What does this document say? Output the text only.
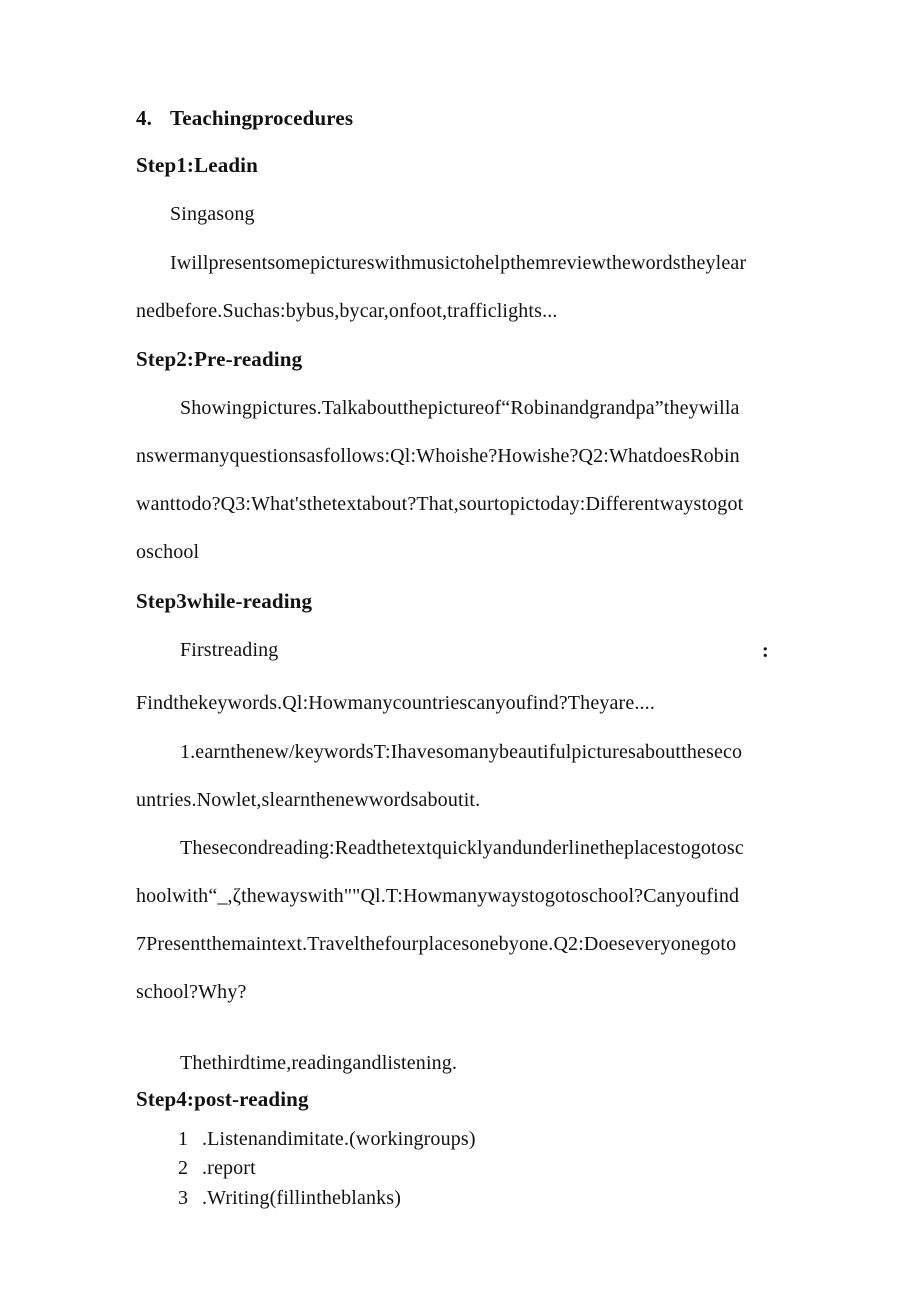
4. Teachingprocedures
Step1:Leadin
Singasong
Iwillpresentsomepictureswithmusictohelpthemreviewthewordstheylear
nedbefore.Suchas:bybus,bycar,onfoot,trafficlights...
Step2:Pre-reading
Showingpictures.Talkaboutthepictureof“Robinandgrandpa”theywilla
nswermanyquestionsasfollows:Ql:Whoishe?Howishe?Q2:WhatdoesRobin
wanttodo?Q3:What'sthetextabout?That,sourtopictoday:Differentwaystogot
oschool
Step3while-reading
Firstreading	:
Findthekeywords.Ql:Howmanycountriescanyoufind?Theyare....
1.earnthenew/keywordsT:Ihavesomanybeautifulpicturesaboutthesecо
untries.Nowlet,slearnthenewwordsaboutit.
Thesecondreading:Readthetextquicklyandunderlinetheplacestogotosc
hoolwith“_,ζthewayswith""Ql.T:Howmanywaystogotoschool?Canyoufind
7Presentthemaintext.Travelthefourplacesonebyone.Q2:Doeseveryonegoto
school?Why?
Thethirdtime,readingandlistening.
Step4:post-reading
1 .Listenandimitate.(workingroups)
2 .report
3 .Writing(fillintheblanks)
